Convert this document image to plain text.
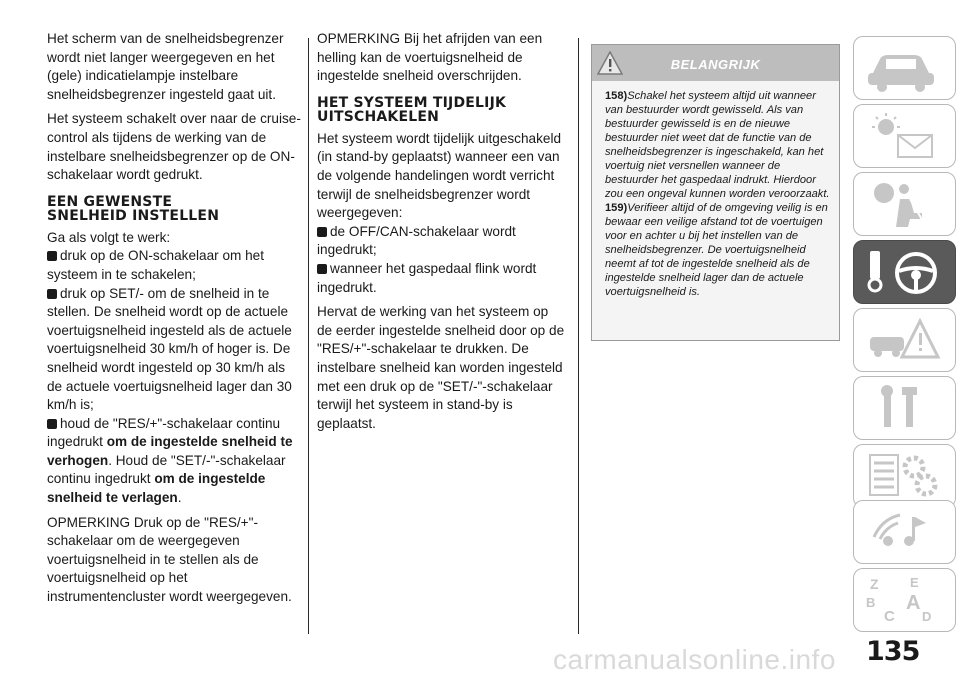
Het scherm van de snelheidsbegrenzer wordt niet langer weergegeven en het (gele) indicatielampje instelbare snelheidsbegrenzer ingesteld gaat uit.

Het systeem schakelt over naar de cruise-control als tijdens de werking van de instelbare snelheidsbegrenzer op de ON-schakelaar wordt gedrukt.

EEN GEWENSTE
SNELHEID INSTELLEN

Ga als volgt te werk:

druk op de ON-schakelaar om het systeem in te schakelen;

druk op SET/- om de snelheid in te stellen. De snelheid wordt op de actuele voertuigsnelheid ingesteld als de actuele voertuigsnelheid 30 km/h of hoger is. De snelheid wordt ingesteld op 30 km/h als de actuele voertuigsnelheid lager dan 30 km/h is;

houd de "RES/+"-schakelaar continu ingedrukt om de ingestelde snelheid te verhogen. Houd de "SET/-"-schakelaar continu ingedrukt om de ingestelde snelheid te verlagen.

OPMERKING Druk op de "RES/+"-schakelaar om de weergegeven voertuigsnelheid in te stellen als de voertuigsnelheid op het instrumentencluster wordt weergegeven.

OPMERKING Bij het afrijden van een helling kan de voertuigsnelheid de ingestelde snelheid overschrijden.

HET SYSTEEM TIJDELIJK
UITSCHAKELEN

Het systeem wordt tijdelijk uitgeschakeld (in stand-by geplaatst) wanneer een van de volgende handelingen wordt verricht terwijl de snelheidsbegrenzer wordt weergegeven:

de OFF/CAN-schakelaar wordt ingedrukt;

wanneer het gaspedaal flink wordt ingedrukt.

Hervat de werking van het systeem op de eerder ingestelde snelheid door op de "RES/+"-schakelaar te drukken. De instelbare snelheid kan worden ingesteld met een druk op de "SET/-"-schakelaar terwijl het systeem in stand-by is geplaatst.

BELANGRIJK

158)Schakel het systeem altijd uit wanneer van bestuurder wordt gewisseld. Als van bestuurder gewisseld is en de nieuwe bestuurder niet weet dat de functie van de snelheidsbegrenzer is ingeschakeld, kan het voertuig niet versnellen wanneer de bestuurder het gaspedaal indrukt. Hierdoor zou een ongeval kunnen worden veroorzaakt.

159)Verifieer altijd of de omgeving veilig is en bewaar een veilige afstand tot de voertuigen voor en achter u bij het instellen van de snelheidsbegrenzer. De voertuigsnelheid neemt af tot de ingestelde snelheid als de ingestelde snelheid lager dan de actuele voertuigsnelheid is.

Z E
B A
C D
carmanualsonline.info 135
